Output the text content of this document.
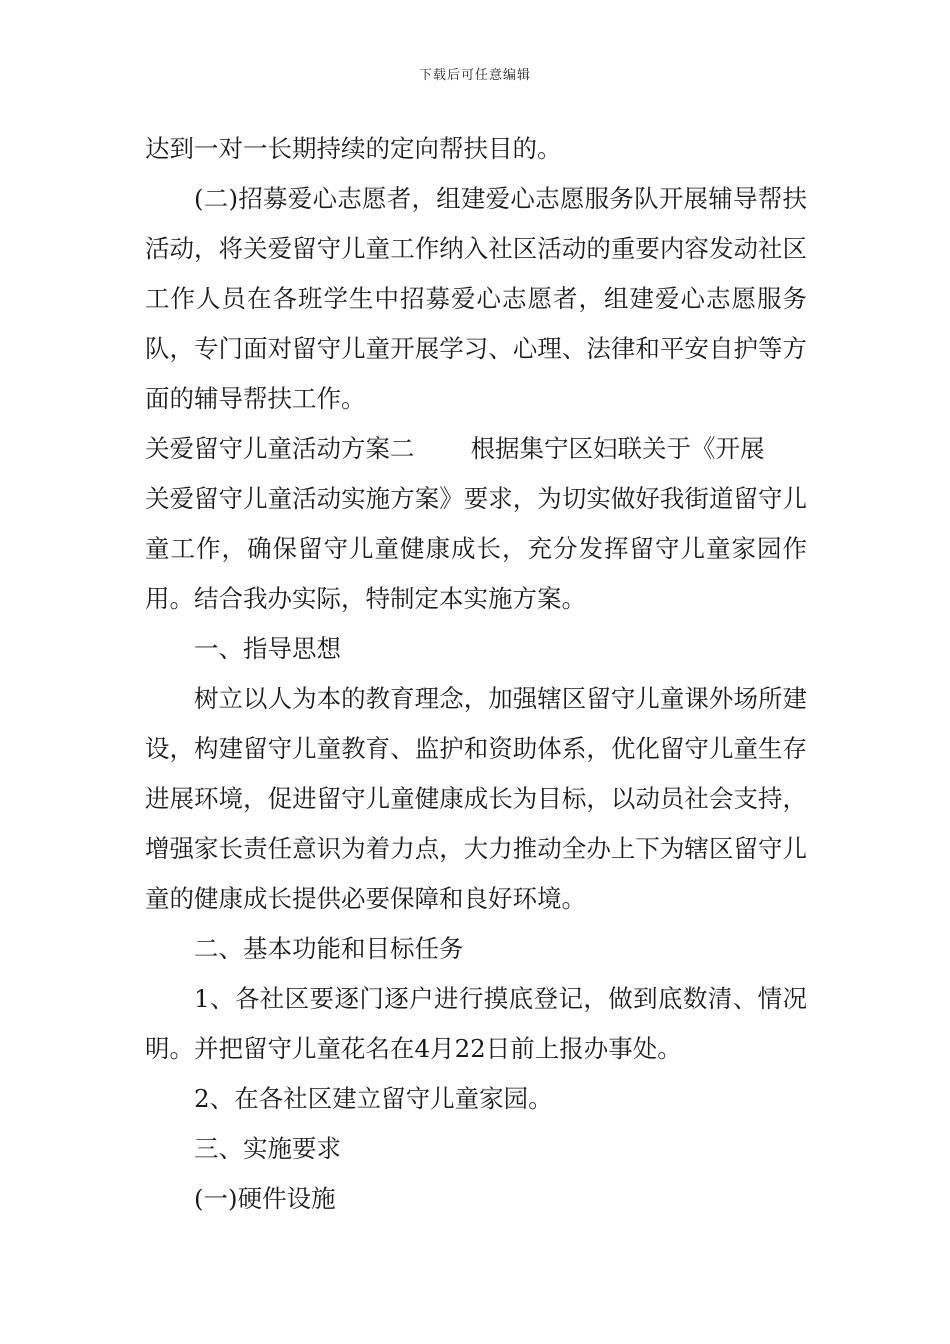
下载后可任意编辑

达到一对一长期持续的定向帮扶目的。

(二)招募爱心志愿者，组建爱心志愿服务队开展辅导帮扶活动，将关爱留守儿童工作纳入社区活动的重要内容发动社区工作人员在各班学生中招募爱心志愿者，组建爱心志愿服务队，专门面对留守儿童开展学习、心理、法律和平安自护等方面的辅导帮扶工作。

关爱留守儿童活动方案二 根据集宁区妇联关于《开展

关爱留守儿童活动实施方案》要求，为切实做好我街道留守儿童工作，确保留守儿童健康成长，充分发挥留守儿童家园作用。结合我办实际，特制定本实施方案。

一、指导思想

树立以人为本的教育理念，加强辖区留守儿童课外场所建设，构建留守儿童教育、监护和资助体系，优化留守儿童生存进展环境，促进留守儿童健康成长为目标，以动员社会支持，增强家长责任意识为着力点，大力推动全办上下为辖区留守儿童的健康成长提供必要保障和良好环境。

二、基本功能和目标任务

1、各社区要逐门逐户进行摸底登记，做到底数清、情况明。并把留守儿童花名在4月22日前上报办事处。

2、在各社区建立留守儿童家园。

三、实施要求

(一)硬件设施
